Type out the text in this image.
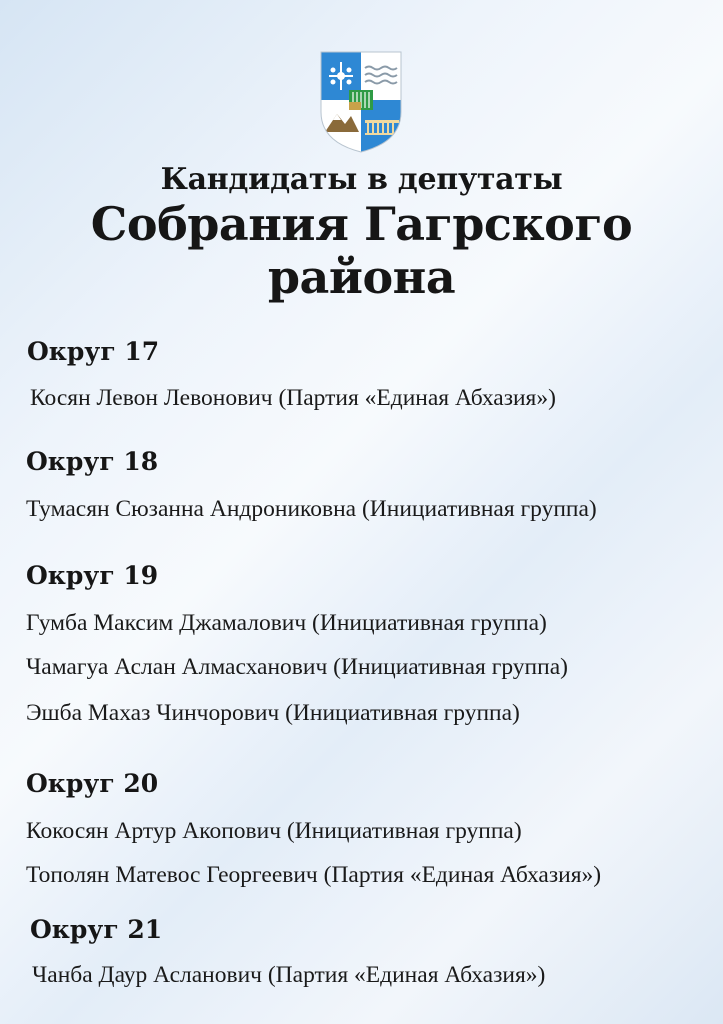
Кандидаты в депутаты
Собрания Гагрского
района
Округ 17
Косян Левон Левонович (Партия «Единая Абхазия»)
Округ 18
Тумасян Сюзанна Андрониковна (Инициативная группа)
Округ 19
Гумба Максим Джамалович (Инициативная группа)
Чамагуа Аслан Алмасханович (Инициативная группа)
Эшба Махаз Чинчорович (Инициативная группа)
Округ 20
Кокосян Артур Акопович (Инициативная группа)
Тополян Матевос Георгеевич (Партия «Единая Абхазия»)
Округ 21
Чанба Даур Асланович (Партия «Единая Абхазия»)
